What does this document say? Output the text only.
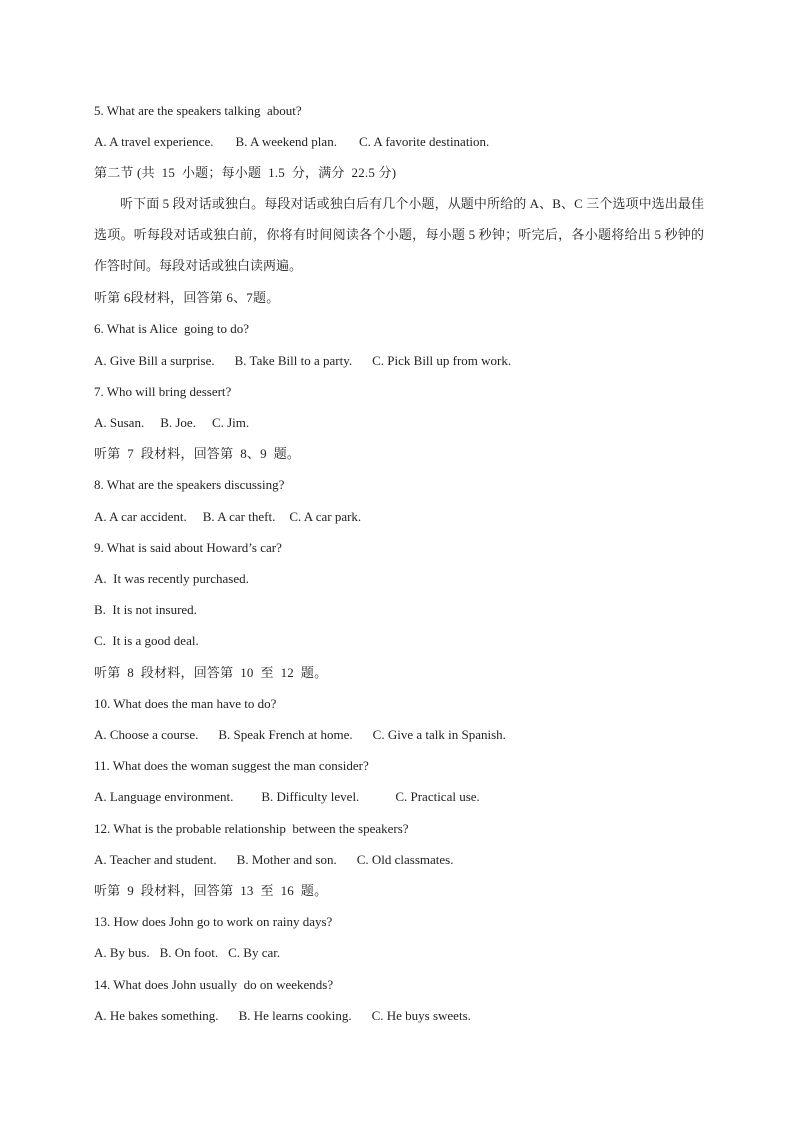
5. What are the speakers talking  about?
A. A travel experience. B. A weekend plan. C. A favorite destination.
第二节 (共  15  小题；每小题  1.5  分，满分  22.5 分)
听下面 5 段对话或独白。每段对话或独白后有几个小题，从题中所给的 A、B、C 三个选项中选出最佳选项。听每段对话或独白前，你将有时间阅读各个小题，每小题 5 秒钟；听完后，各小题将给出 5 秒钟的作答时间。每段对话或独白读两遍。
听第 6段材料，回答第 6、7题。
6. What is Alice  going to do?
A. Give Bill a surprise. B. Take Bill to a party. C. Pick Bill up from work.
7. Who will bring dessert?
A. Susan. B. Joe. C. Jim.
听第  7  段材料，回答第  8、9  题。
8. What are the speakers discussing?
A. A car accident. B. A car theft. C. A car park.
9. What is said about Howard’s car?
A.  It was recently purchased.
B.  It is not insured.
C.  It is a good deal.
听第  8  段材料，回答第  10  至  12  题。
10. What does the man have to do?
A. Choose a course. B. Speak French at home. C. Give a talk in Spanish.
11. What does the woman suggest the man consider?
A. Language environment. B. Difficulty level.	C. Practical use.
12. What is the probable relationship  between the speakers?
A. Teacher and student. B. Mother and son. C. Old classmates.
听第  9  段材料，回答第  13  至  16  题。
13. How does John go to work on rainy days?
A. By bus. B. On foot. C. By car.
14. What does John usually  do on weekends?
A. He bakes something. B. He learns cooking. C. He buys sweets.
